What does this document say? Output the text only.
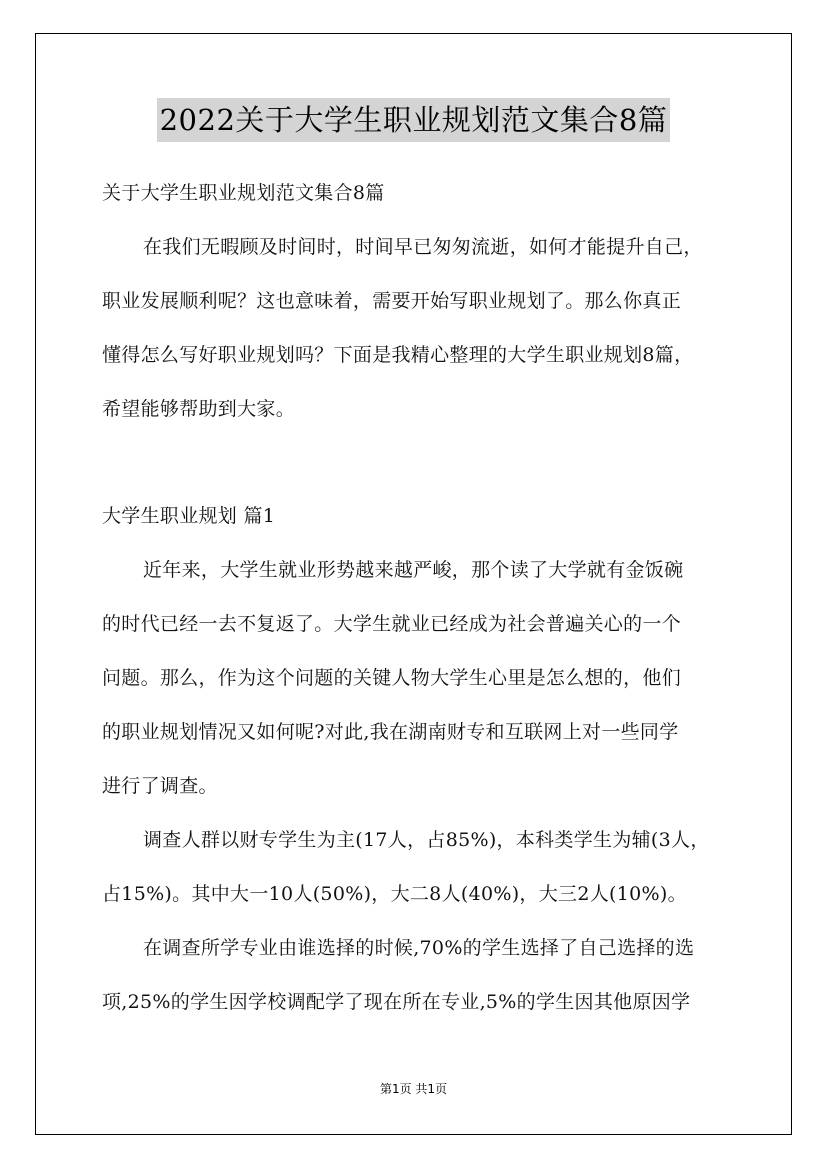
2022关于大学生职业规划范文集合8篇
关于大学生职业规划范文集合8篇
在我们无暇顾及时间时，时间早已匆匆流逝，如何才能提升自己，
职业发展顺利呢？这也意味着，需要开始写职业规划了。那么你真正
懂得怎么写好职业规划吗？下面是我精心整理的大学生职业规划8篇，
希望能够帮助到大家。
大学生职业规划 篇1
近年来，大学生就业形势越来越严峻，那个读了大学就有金饭碗
的时代已经一去不复返了。大学生就业已经成为社会普遍关心的一个
问题。那么，作为这个问题的关键人物大学生心里是怎么想的，他们
的职业规划情况又如何呢?对此,我在湖南财专和互联网上对一些同学
进行了调查。
调查人群以财专学生为主(17人，占85%)，本科类学生为辅(3人，
占15%)。其中大一10人(50%)，大二8人(40%)，大三2人(10%)。
在调查所学专业由谁选择的时候,70%的学生选择了自己选择的选
项,25%的学生因学校调配学了现在所在专业,5%的学生因其他原因学
第1页 共1页
